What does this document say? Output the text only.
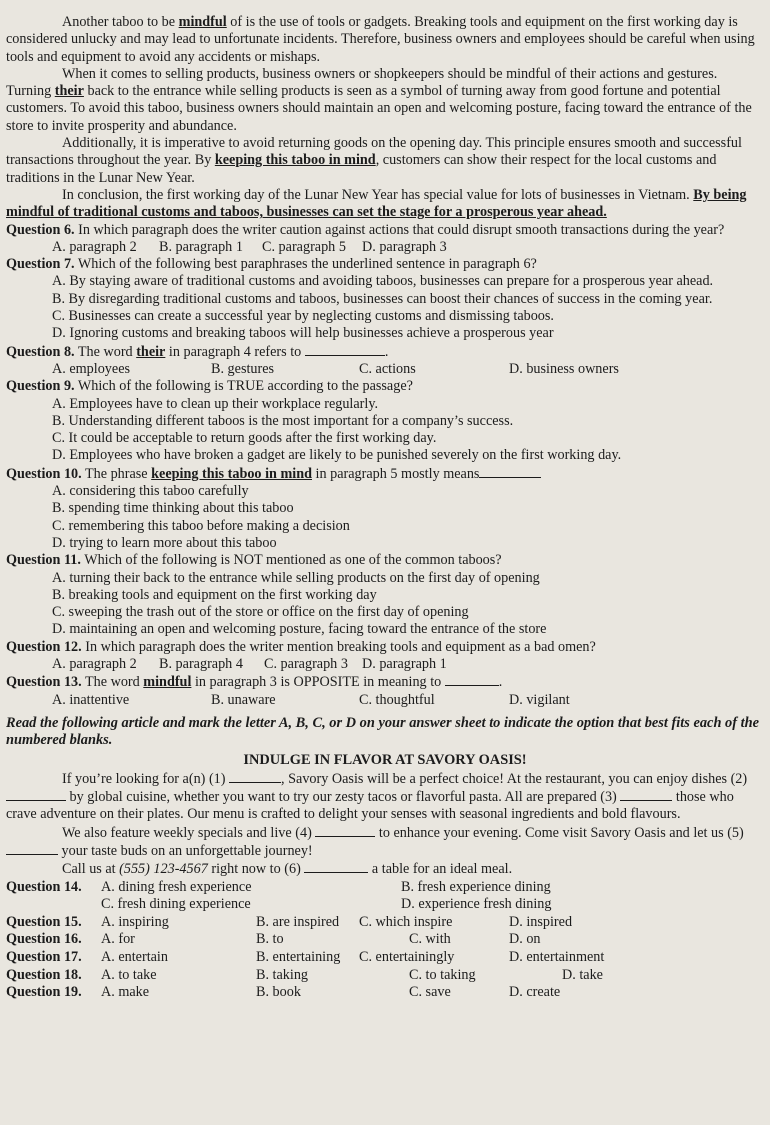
Another taboo to be mindful of is the use of tools or gadgets. Breaking tools and equipment on the first working day is considered unlucky and may lead to unfortunate incidents. Therefore, business owners and employees should be careful when using tools and equipment to avoid any accidents or mishaps.

When it comes to selling products, business owners or shopkeepers should be mindful of their actions and gestures. Turning their back to the entrance while selling products is seen as a symbol of turning away from good fortune and potential customers. To avoid this taboo, business owners should maintain an open and welcoming posture, facing toward the entrance of the store to invite prosperity and abundance.

Additionally, it is imperative to avoid returning goods on the opening day. This principle ensures smooth and successful transactions throughout the year. By keeping this taboo in mind, customers can show their respect for the local customs and traditions in the Lunar New Year.

In conclusion, the first working day of the Lunar New Year has special value for lots of businesses in Vietnam. By being mindful of traditional customs and taboos, businesses can set the stage for a prosperous year ahead.

Question 6. In which paragraph does the writer caution against actions that could disrupt smooth transactions during the year?

A. paragraph 2 B. paragraph 1 C. paragraph 5 D. paragraph 3

Question 7. Which of the following best paraphrases the underlined sentence in paragraph 6?

A. By staying aware of traditional customs and avoiding taboos, businesses can prepare for a prosperous year ahead.

B. By disregarding traditional customs and taboos, businesses can boost their chances of success in the coming year.

C. Businesses can create a successful year by neglecting customs and dismissing taboos.

D. Ignoring customs and breaking taboos will help businesses achieve a prosperous year

Question 8. The word their in paragraph 4 refers to	.

A. employees	B. gestures	C. actions	D. business owners

Question 9. Which of the following is TRUE according to the passage?

A. Employees have to clean up their workplace regularly.

B. Understanding different taboos is the most important for a company’s success.

C. It could be acceptable to return goods after the first working day.

D. Employees who have broken a gadget are likely to be punished severely on the first working day.

Question 10. The phrase keeping this taboo in mind in paragraph 5 mostly means

A. considering this taboo carefully

B. spending time thinking about this taboo

C. remembering this taboo before making a decision

D. trying to learn more about this taboo

Question 11. Which of the following is NOT mentioned as one of the common taboos?

A. turning their back to the entrance while selling products on the first day of opening

B. breaking tools and equipment on the first working day

C. sweeping the trash out of the store or office on the first day of opening

D. maintaining an open and welcoming posture, facing toward the entrance of the store

Question 12. In which paragraph does the writer mention breaking tools and equipment as a bad omen?

A. paragraph 2 B. paragraph 4 C. paragraph 3 D. paragraph 1

Question 13. The word mindful in paragraph 3 is OPPOSITE in meaning to	.

A. inattentive	B. unaware	C. thoughtful	D. vigilant

Read the following article and mark the letter A, B, C, or D on your answer sheet to indicate the option that best fits each of the numbered blanks.

INDULGE IN FLAVOR AT SAVORY OASIS!

If you’re looking for a(n) (1)	, Savory Oasis will be a perfect choice! At the restaurant, you can enjoy dishes (2)  by global cuisine, whether you want to try our zesty tacos or flavorful pasta. All are prepared (3)	those who crave adventure on their plates. Our menu is crafted to delight your senses with seasonal ingredients and bold flavours.

We also feature weekly specials and live (4)	to enhance your evening. Come visit Savory Oasis and let us (5)  your taste buds on an unforgettable journey!

Call us at (555) 123-4567 right now to (6)	a table for an ideal meal.

Question 14. A. dining fresh experience	B. fresh experience dining
C. fresh dining experience	D. experience fresh dining
Question 15. A. inspiring	B. are inspired C. which inspire	D. inspired
Question 16. A. for	B. to	C. with	D. on
Question 17. A. entertain	B. entertaining C. entertainingly	D. entertainment
Question 18. A. to take	B. taking	C. to taking	D. take
Question 19. A. make	B. book	C. save	D. create
